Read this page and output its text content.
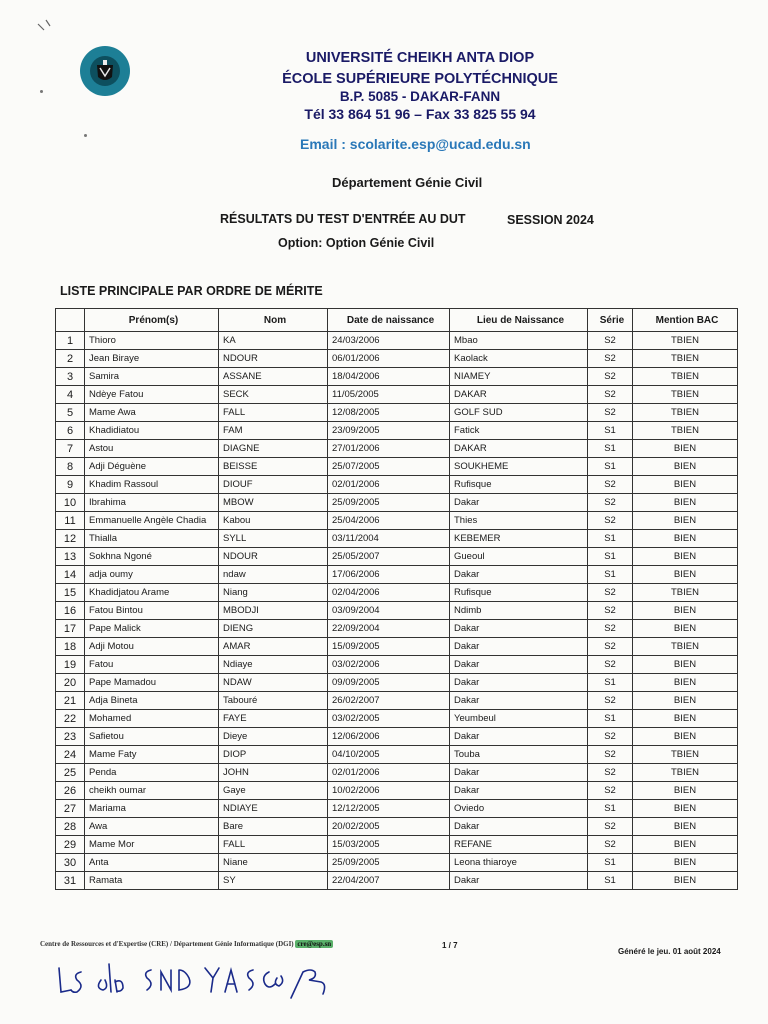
UNIVERSITÉ CHEIKH ANTA DIOP
ÉCOLE SUPÉRIEURE POLYTÉCHNIQUE
B.P. 5085 - DAKAR-FANN
Tél 33 864 51 96 – Fax 33 825 55 94
Email : scolarite.esp@ucad.edu.sn
Département Génie Civil
RÉSULTATS DU TEST D'ENTRÉE AU DUT	SESSION 2024
Option: Option Génie Civil
LISTE PRINCIPALE PAR ORDRE DE MÉRITE
	Prénom(s)	Nom	Date de naissance	Lieu de Naissance	Série	Mention BAC
1	Thioro	KA	24/03/2006	Mbao	S2	TBIEN
2	Jean Biraye	NDOUR	06/01/2006	Kaolack	S2	TBIEN
3	Samira	ASSANE	18/04/2006	NIAMEY	S2	TBIEN
4	Ndèye Fatou	SECK	11/05/2005	DAKAR	S2	TBIEN
5	Mame Awa	FALL	12/08/2005	GOLF SUD	S2	TBIEN
6	Khadidiatou	FAM	23/09/2005	Fatick	S1	TBIEN
7	Astou	DIAGNE	27/01/2006	DAKAR	S1	BIEN
8	Adji Déguène	BEISSE	25/07/2005	SOUKHEME	S1	BIEN
9	Khadim Rassoul	DIOUF	02/01/2006	Rufisque	S2	BIEN
10	Ibrahima	MBOW	25/09/2005	Dakar	S2	BIEN
11	Emmanuelle Angèle Chadia	Kabou	25/04/2006	Thies	S2	BIEN
12	Thialla	SYLL	03/11/2004	KEBEMER	S1	BIEN
13	Sokhna Ngoné	NDOUR	25/05/2007	Gueoul	S1	BIEN
14	adja oumy	ndaw	17/06/2006	Dakar	S1	BIEN
15	Khadidjatou Arame	Niang	02/04/2006	Rufisque	S2	TBIEN
16	Fatou Bintou	MBODJI	03/09/2004	Ndimb	S2	BIEN
17	Pape Malick	DIENG	22/09/2004	Dakar	S2	BIEN
18	Adji Motou	AMAR	15/09/2005	Dakar	S2	TBIEN
19	Fatou	Ndiaye	03/02/2006	Dakar	S2	BIEN
20	Pape Mamadou	NDAW	09/09/2005	Dakar	S1	BIEN
21	Adja Bineta	Tabouré	26/02/2007	Dakar	S2	BIEN
22	Mohamed	FAYE	03/02/2005	Yeumbeul	S1	BIEN
23	Safietou	Dieye	12/06/2006	Dakar	S2	BIEN
24	Mame Faty	DIOP	04/10/2005	Touba	S2	TBIEN
25	Penda	JOHN	02/01/2006	Dakar	S2	TBIEN
26	cheikh oumar	Gaye	10/02/2006	Dakar	S2	BIEN
27	Mariama	NDIAYE	12/12/2005	Oviedo	S1	BIEN
28	Awa	Bare	20/02/2005	Dakar	S2	BIEN
29	Mame Mor	FALL	15/03/2005	REFANE	S2	BIEN
30	Anta	Niane	25/09/2005	Leona thiaroye	S1	BIEN
31	Ramata	SY	22/04/2007	Dakar	S1	BIEN
Centre de Ressources et d'Expertise (CRE) / Département Génie Informatique (DGI) cre@esp.sn	1 / 7
Généré le jeu. 01 août 2024
